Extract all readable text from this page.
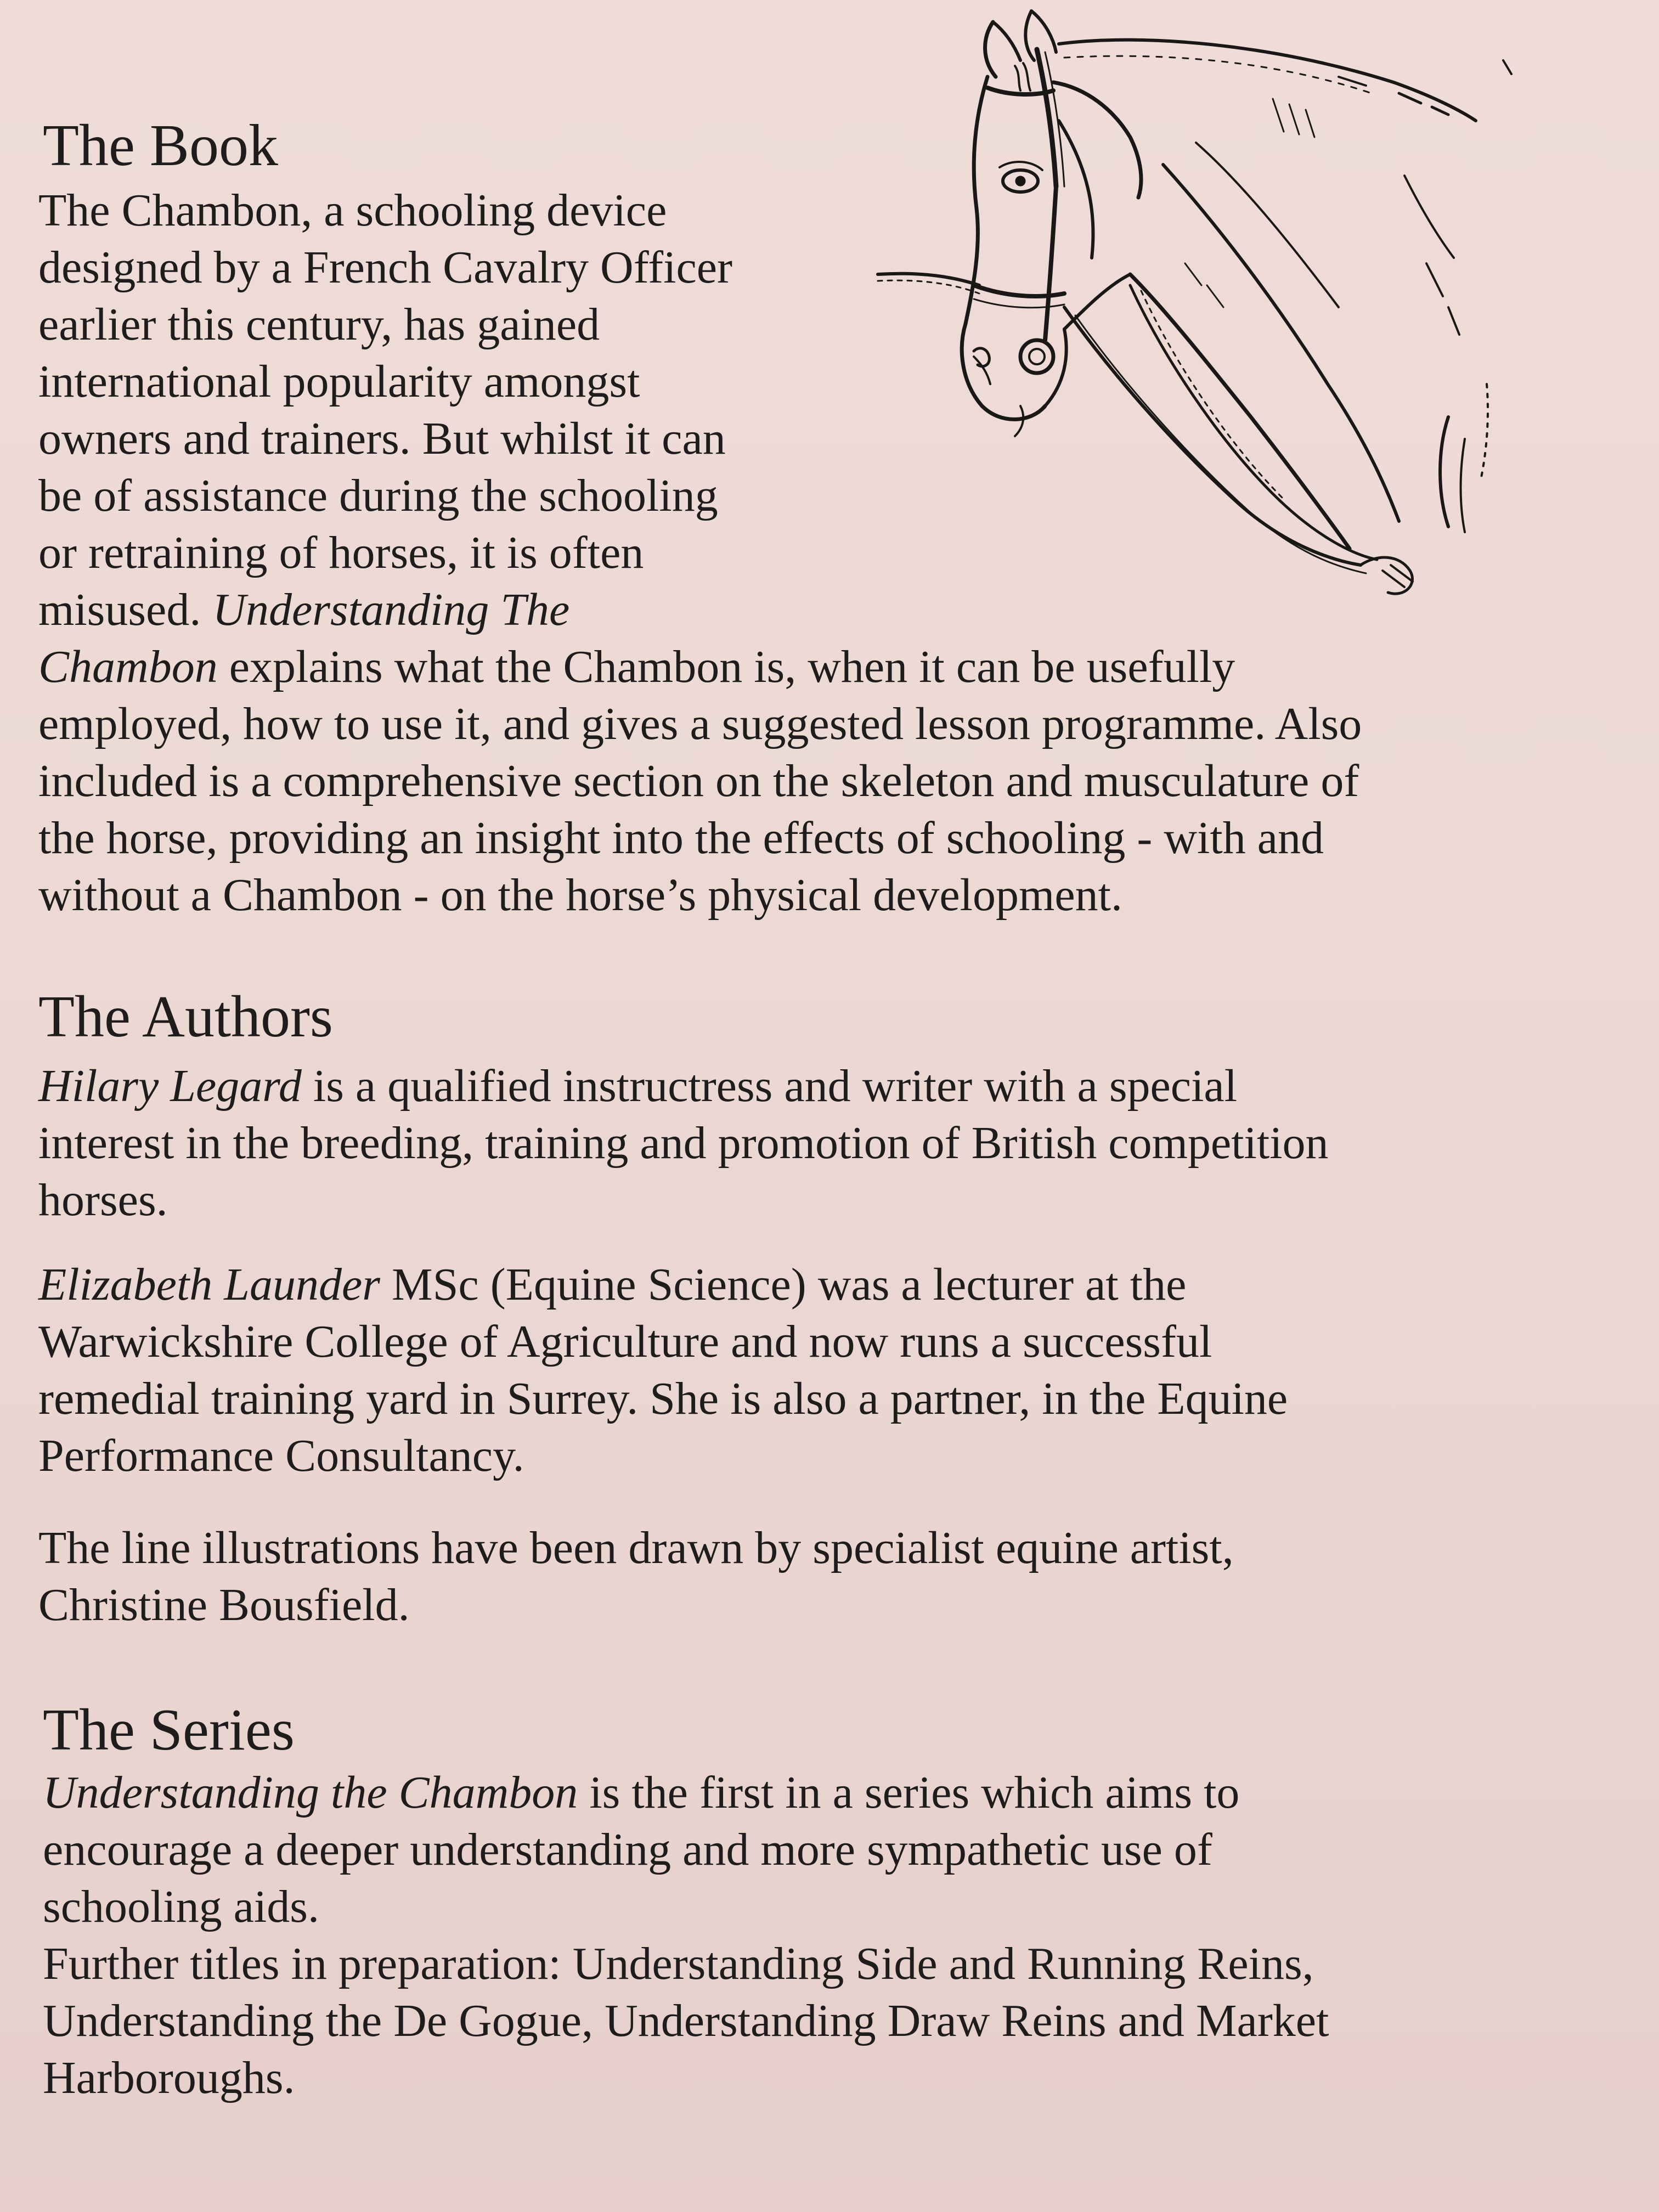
The Book
The Chambon, a schooling device
designed by a French Cavalry Officer
earlier this century, has gained
international popularity amongst
owners and trainers. But whilst it can
be of assistance during the schooling
or retraining of horses, it is often
misused. Understanding The
Chambon explains what the Chambon is, when it can be usefully
employed, how to use it, and gives a suggested lesson programme. Also
included is a comprehensive section on the skeleton and musculature of
the horse, providing an insight into the effects of schooling - with and
without a Chambon - on the horse’s physical development.
The Authors
Hilary Legard is a qualified instructress and writer with a special
interest in the breeding, training and promotion of British competition
horses.
Elizabeth Launder MSc (Equine Science) was a lecturer at the
Warwickshire College of Agriculture and now runs a successful
remedial training yard in Surrey. She is also a partner, in the Equine
Performance Consultancy.
The line illustrations have been drawn by specialist equine artist,
Christine Bousfield.
The Series
Understanding the Chambon is the first in a series which aims to
encourage a deeper understanding and more sympathetic use of
schooling aids.
Further titles in preparation: Understanding Side and Running Reins,
Understanding the De Gogue, Understanding Draw Reins and Market
Harboroughs.
